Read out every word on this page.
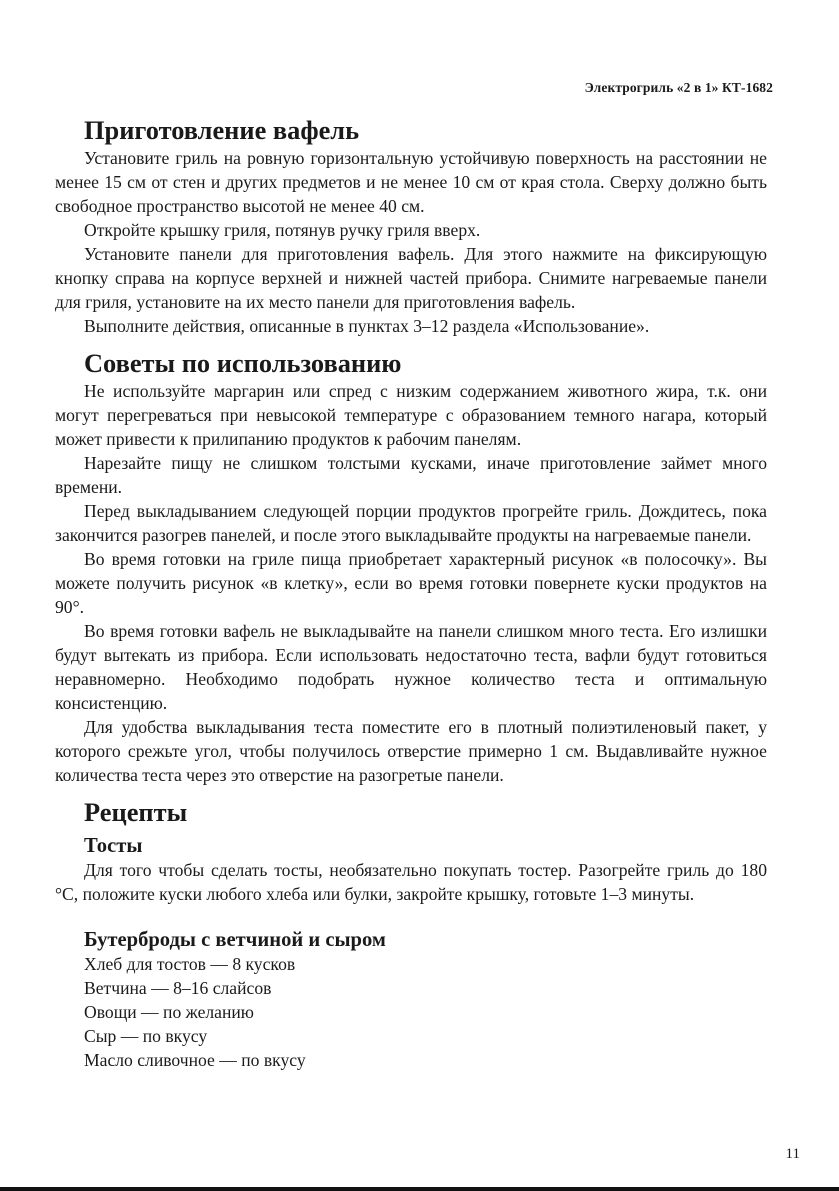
Электрогриль «2 в 1» КТ-1682
Приготовление вафель

Установите гриль на ровную горизонтальную устойчивую поверхность на расстоянии не менее 15 см от стен и других предметов и не менее 10 см от края стола. Сверху должно быть свободное пространство высотой не менее 40 см.

Откройте крышку гриля, потянув ручку гриля вверх.

Установите панели для приготовления вафель. Для этого нажмите на фиксирующую кнопку справа на корпусе верхней и нижней частей прибора. Снимите нагреваемые панели для гриля, установите на их место панели для приготовления вафель.

Выполните действия, описанные в пунктах 3–12 раздела «Использование».

Советы по использованию

Не используйте маргарин или спред с низким содержанием животного жира, т.к. они могут перегреваться при невысокой температуре с образованием темного нагара, который может привести к прилипанию продуктов к рабочим панелям.

Нарезайте пищу не слишком толстыми кусками, иначе приготовление займет много времени.

Перед выкладыванием следующей порции продуктов прогрейте гриль. Дождитесь, пока закончится разогрев панелей, и после этого выкладывайте продукты на нагреваемые панели.

Во время готовки на гриле пища приобретает характерный рисунок «в полосочку». Вы можете получить рисунок «в клетку», если во время готовки повернете куски продуктов на 90°.

Во время готовки вафель не выкладывайте на панели слишком много теста. Его излишки будут вытекать из прибора. Если использовать недостаточно теста, вафли будут готовиться неравномерно. Необходимо подобрать нужное количество теста и оптимальную консистенцию.

Для удобства выкладывания теста поместите его в плотный полиэтиленовый пакет, у которого срежьте угол, чтобы получилось отверстие примерно 1 см. Выдавливайте нужное количества теста через это отверстие на разогретые панели.

Рецепты
Тосты

Для того чтобы сделать тосты, необязательно покупать тостер. Разогрейте гриль до 180 °С, положите куски любого хлеба или булки, закройте крышку, готовьте 1–3 минуты.

Бутерброды с ветчиной и сыром

Хлеб для тостов — 8 кусков

Ветчина — 8–16 слайсов

Овощи — по желанию

Сыр — по вкусу

Масло сливочное — по вкусу

11
